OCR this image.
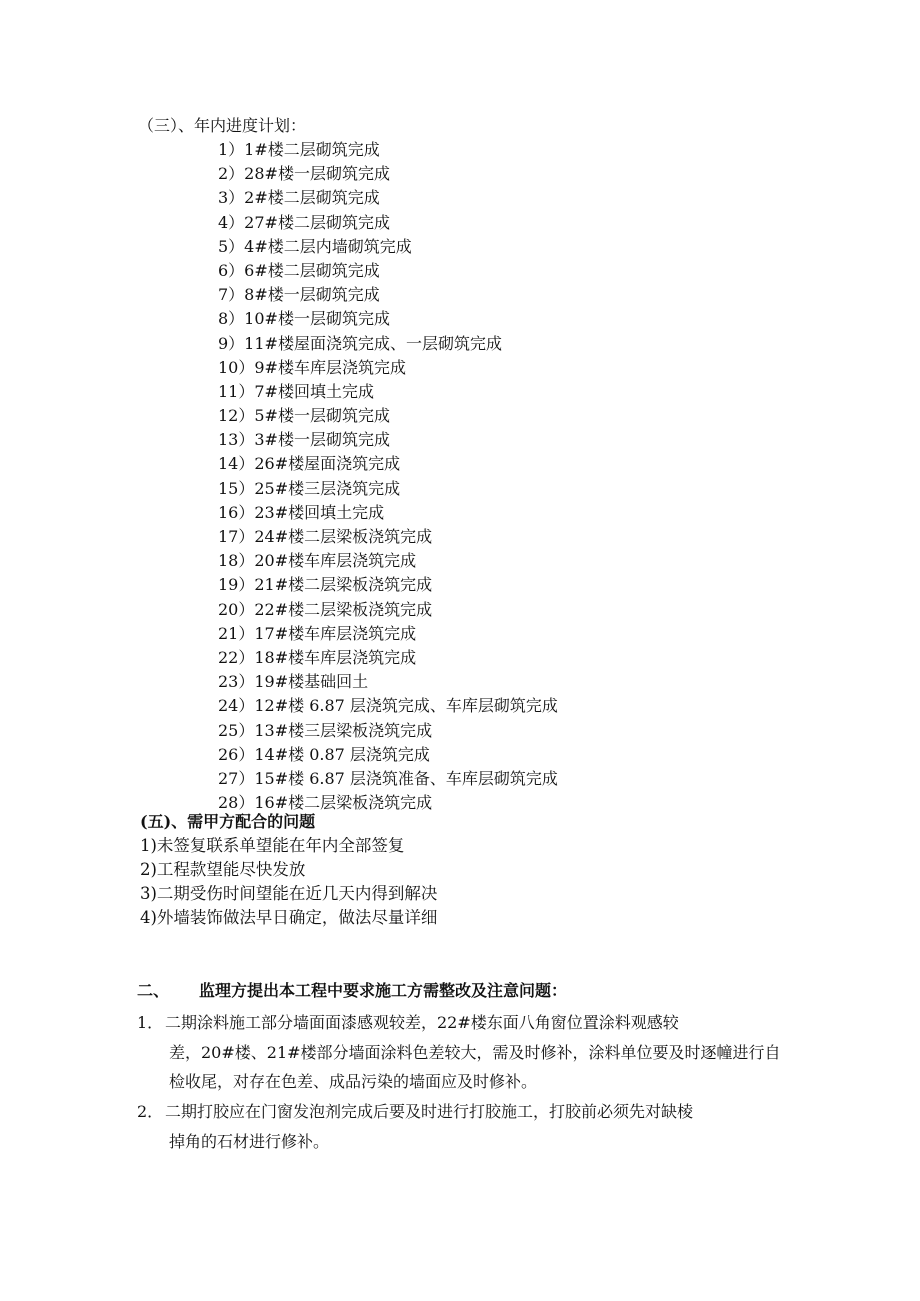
（三）、年内进度计划：
1）1#楼二层砌筑完成
2）28#楼一层砌筑完成
3）2#楼二层砌筑完成
4）27#楼二层砌筑完成
5）4#楼二层内墙砌筑完成
6）6#楼二层砌筑完成
7）8#楼一层砌筑完成
8）10#楼一层砌筑完成
9）11#楼屋面浇筑完成、一层砌筑完成
10）9#楼车库层浇筑完成
11）7#楼回填土完成
12）5#楼一层砌筑完成
13）3#楼一层砌筑完成
14）26#楼屋面浇筑完成
15）25#楼三层浇筑完成
16）23#楼回填土完成
17）24#楼二层梁板浇筑完成
18）20#楼车库层浇筑完成
19）21#楼二层梁板浇筑完成
20）22#楼二层梁板浇筑完成
21）17#楼车库层浇筑完成
22）18#楼车库层浇筑完成
23）19#楼基础回土
24）12#楼 6.87 层浇筑完成、车库层砌筑完成
25）13#楼三层梁板浇筑完成
26）14#楼 0.87 层浇筑完成
27）15#楼 6.87 层浇筑准备、车库层砌筑完成
28）16#楼二层梁板浇筑完成
(五)、需甲方配合的问题
1)未签复联系单望能在年内全部签复
2)工程款望能尽快发放
3)二期受伤时间望能在近几天内得到解决
4)外墙装饰做法早日确定，做法尽量详细
二、 监理方提出本工程中要求施工方需整改及注意问题：
1． 二期涂料施工部分墙面面漆感观较差，22#楼东面八角窗位置涂料观感较
差，20#楼、21#楼部分墙面涂料色差较大，需及时修补，涂料单位要及时逐幢进行自检收尾，对存在色差、成品污染的墙面应及时修补。
2． 二期打胶应在门窗发泡剂完成后要及时进行打胶施工，打胶前必须先对缺棱
掉角的石材进行修补。
